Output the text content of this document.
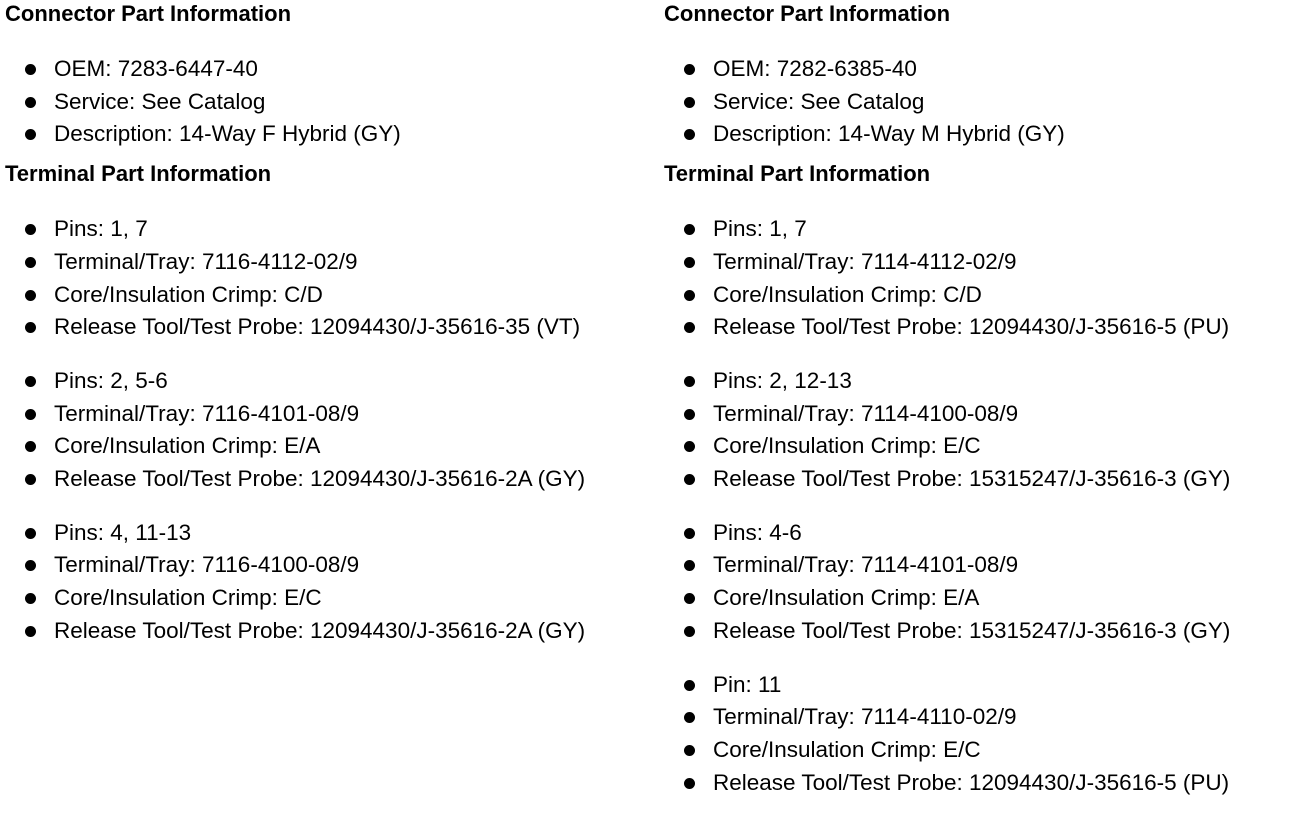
Connector Part Information
OEM: 7283-6447-40
Service: See Catalog
Description: 14-Way F Hybrid (GY)
Terminal Part Information
Pins: 1, 7
Terminal/Tray: 7116-4112-02/9
Core/Insulation Crimp: C/D
Release Tool/Test Probe: 12094430/J-35616-35 (VT)
Pins: 2, 5-6
Terminal/Tray: 7116-4101-08/9
Core/Insulation Crimp: E/A
Release Tool/Test Probe: 12094430/J-35616-2A (GY)
Pins: 4, 11-13
Terminal/Tray: 7116-4100-08/9
Core/Insulation Crimp: E/C
Release Tool/Test Probe: 12094430/J-35616-2A (GY)
Connector Part Information
OEM: 7282-6385-40
Service: See Catalog
Description: 14-Way M Hybrid (GY)
Terminal Part Information
Pins: 1, 7
Terminal/Tray: 7114-4112-02/9
Core/Insulation Crimp: C/D
Release Tool/Test Probe: 12094430/J-35616-5 (PU)
Pins: 2, 12-13
Terminal/Tray: 7114-4100-08/9
Core/Insulation Crimp: E/C
Release Tool/Test Probe: 15315247/J-35616-3 (GY)
Pins: 4-6
Terminal/Tray: 7114-4101-08/9
Core/Insulation Crimp: E/A
Release Tool/Test Probe: 15315247/J-35616-3 (GY)
Pin: 11
Terminal/Tray: 7114-4110-02/9
Core/Insulation Crimp: E/C
Release Tool/Test Probe: 12094430/J-35616-5 (PU)
